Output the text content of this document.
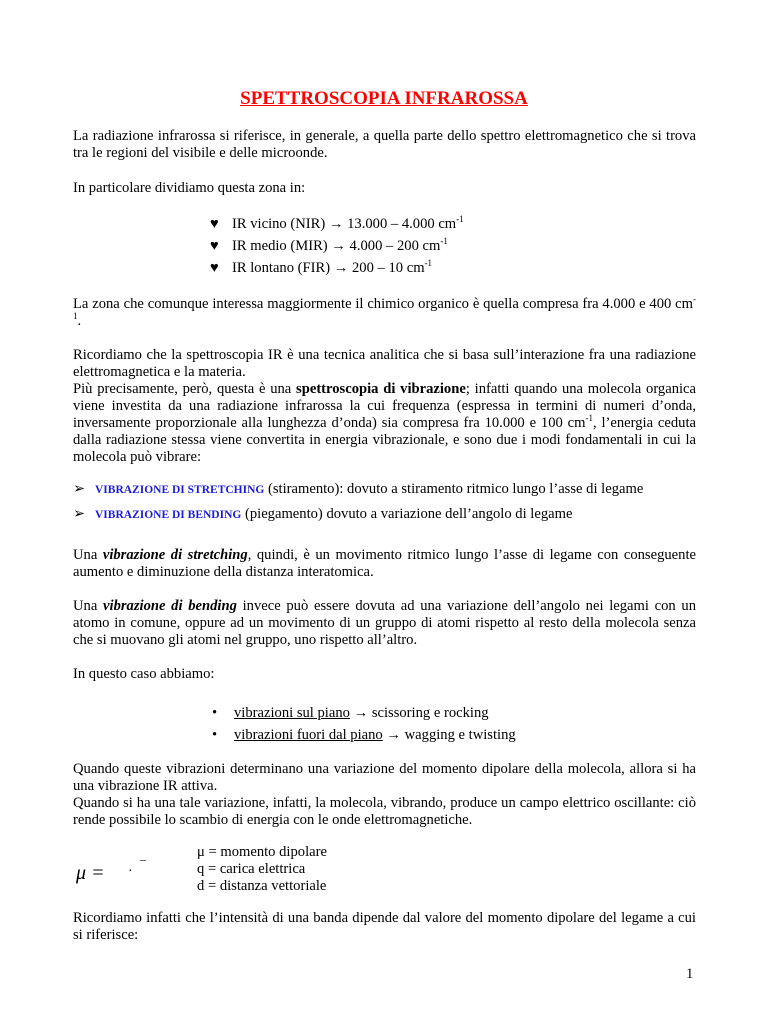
SPETTROSCOPIA INFRAROSSA
La radiazione infrarossa si riferisce, in generale, a quella parte dello spettro elettromagnetico che si trova tra le regioni del visibile e delle microonde.
In particolare dividiamo questa zona in:
♥ IR vicino (NIR) → 13.000 – 4.000 $cm^{-1}$
♥ IR medio (MIR) → 4.000 – 200 $cm^{-1}$
♥ IR lontano (FIR) → 200 – 10 $cm^{-1}$
La zona che comunque interessa maggiormente il chimico organico è quella compresa fra 4.000 e 400 $cm^{-1}$.
Ricordiamo che la spettroscopia IR è una tecnica analitica che si basa sull’interazione fra una radiazione elettromagnetica e la materia.
Più precisamente, però, questa è una spettroscopia di vibrazione; infatti quando una molecola organica viene investita da una radiazione infrarossa la cui frequenza (espressa in termini di numeri d’onda, inversamente proporzionale alla lunghezza d’onda) sia compresa fra 10.000 e 100 $cm^{-1}$, l’energia ceduta dalla radiazione stessa viene convertita in energia vibrazionale, e sono due i modi fondamentali in cui la molecola può vibrare:
➢ VIBRAZIONE DI STRETCHING (stiramento): dovuto a stiramento ritmico lungo l’asse di legame
➢ VIBRAZIONE DI BENDING (piegamento) dovuto a variazione dell’angolo di legame
Una vibrazione di stretching, quindi, è un movimento ritmico lungo l’asse di legame con conseguente aumento e diminuzione della distanza interatomica.
Una vibrazione di bending invece può essere dovuta ad una variazione dell’angolo nei legami con un atomo in comune, oppure ad un movimento di un gruppo di atomi rispetto al resto della molecola senza che si muovano gli atomi nel gruppo, uno rispetto all’altro.
In questo caso abbiamo:
• vibrazioni sul piano → scissoring e rocking
• vibrazioni fuori dal piano → wagging e twisting
Quando queste vibrazioni determinano una variazione del momento dipolare della molecola, allora si ha una vibrazione IR attiva.
Quando si ha una tale variazione, infatti, la molecola, vibrando, produce un campo elettrico oscillante: ciò rende possibile lo scambio di energia con le onde elettromagnetiche.
μ = ·
–	μ = momento dipolare
q = carica elettrica
d = distanza vettoriale
Ricordiamo infatti che l’intensità di una banda dipende dal valore del momento dipolare del legame a cui si riferisce:
1
